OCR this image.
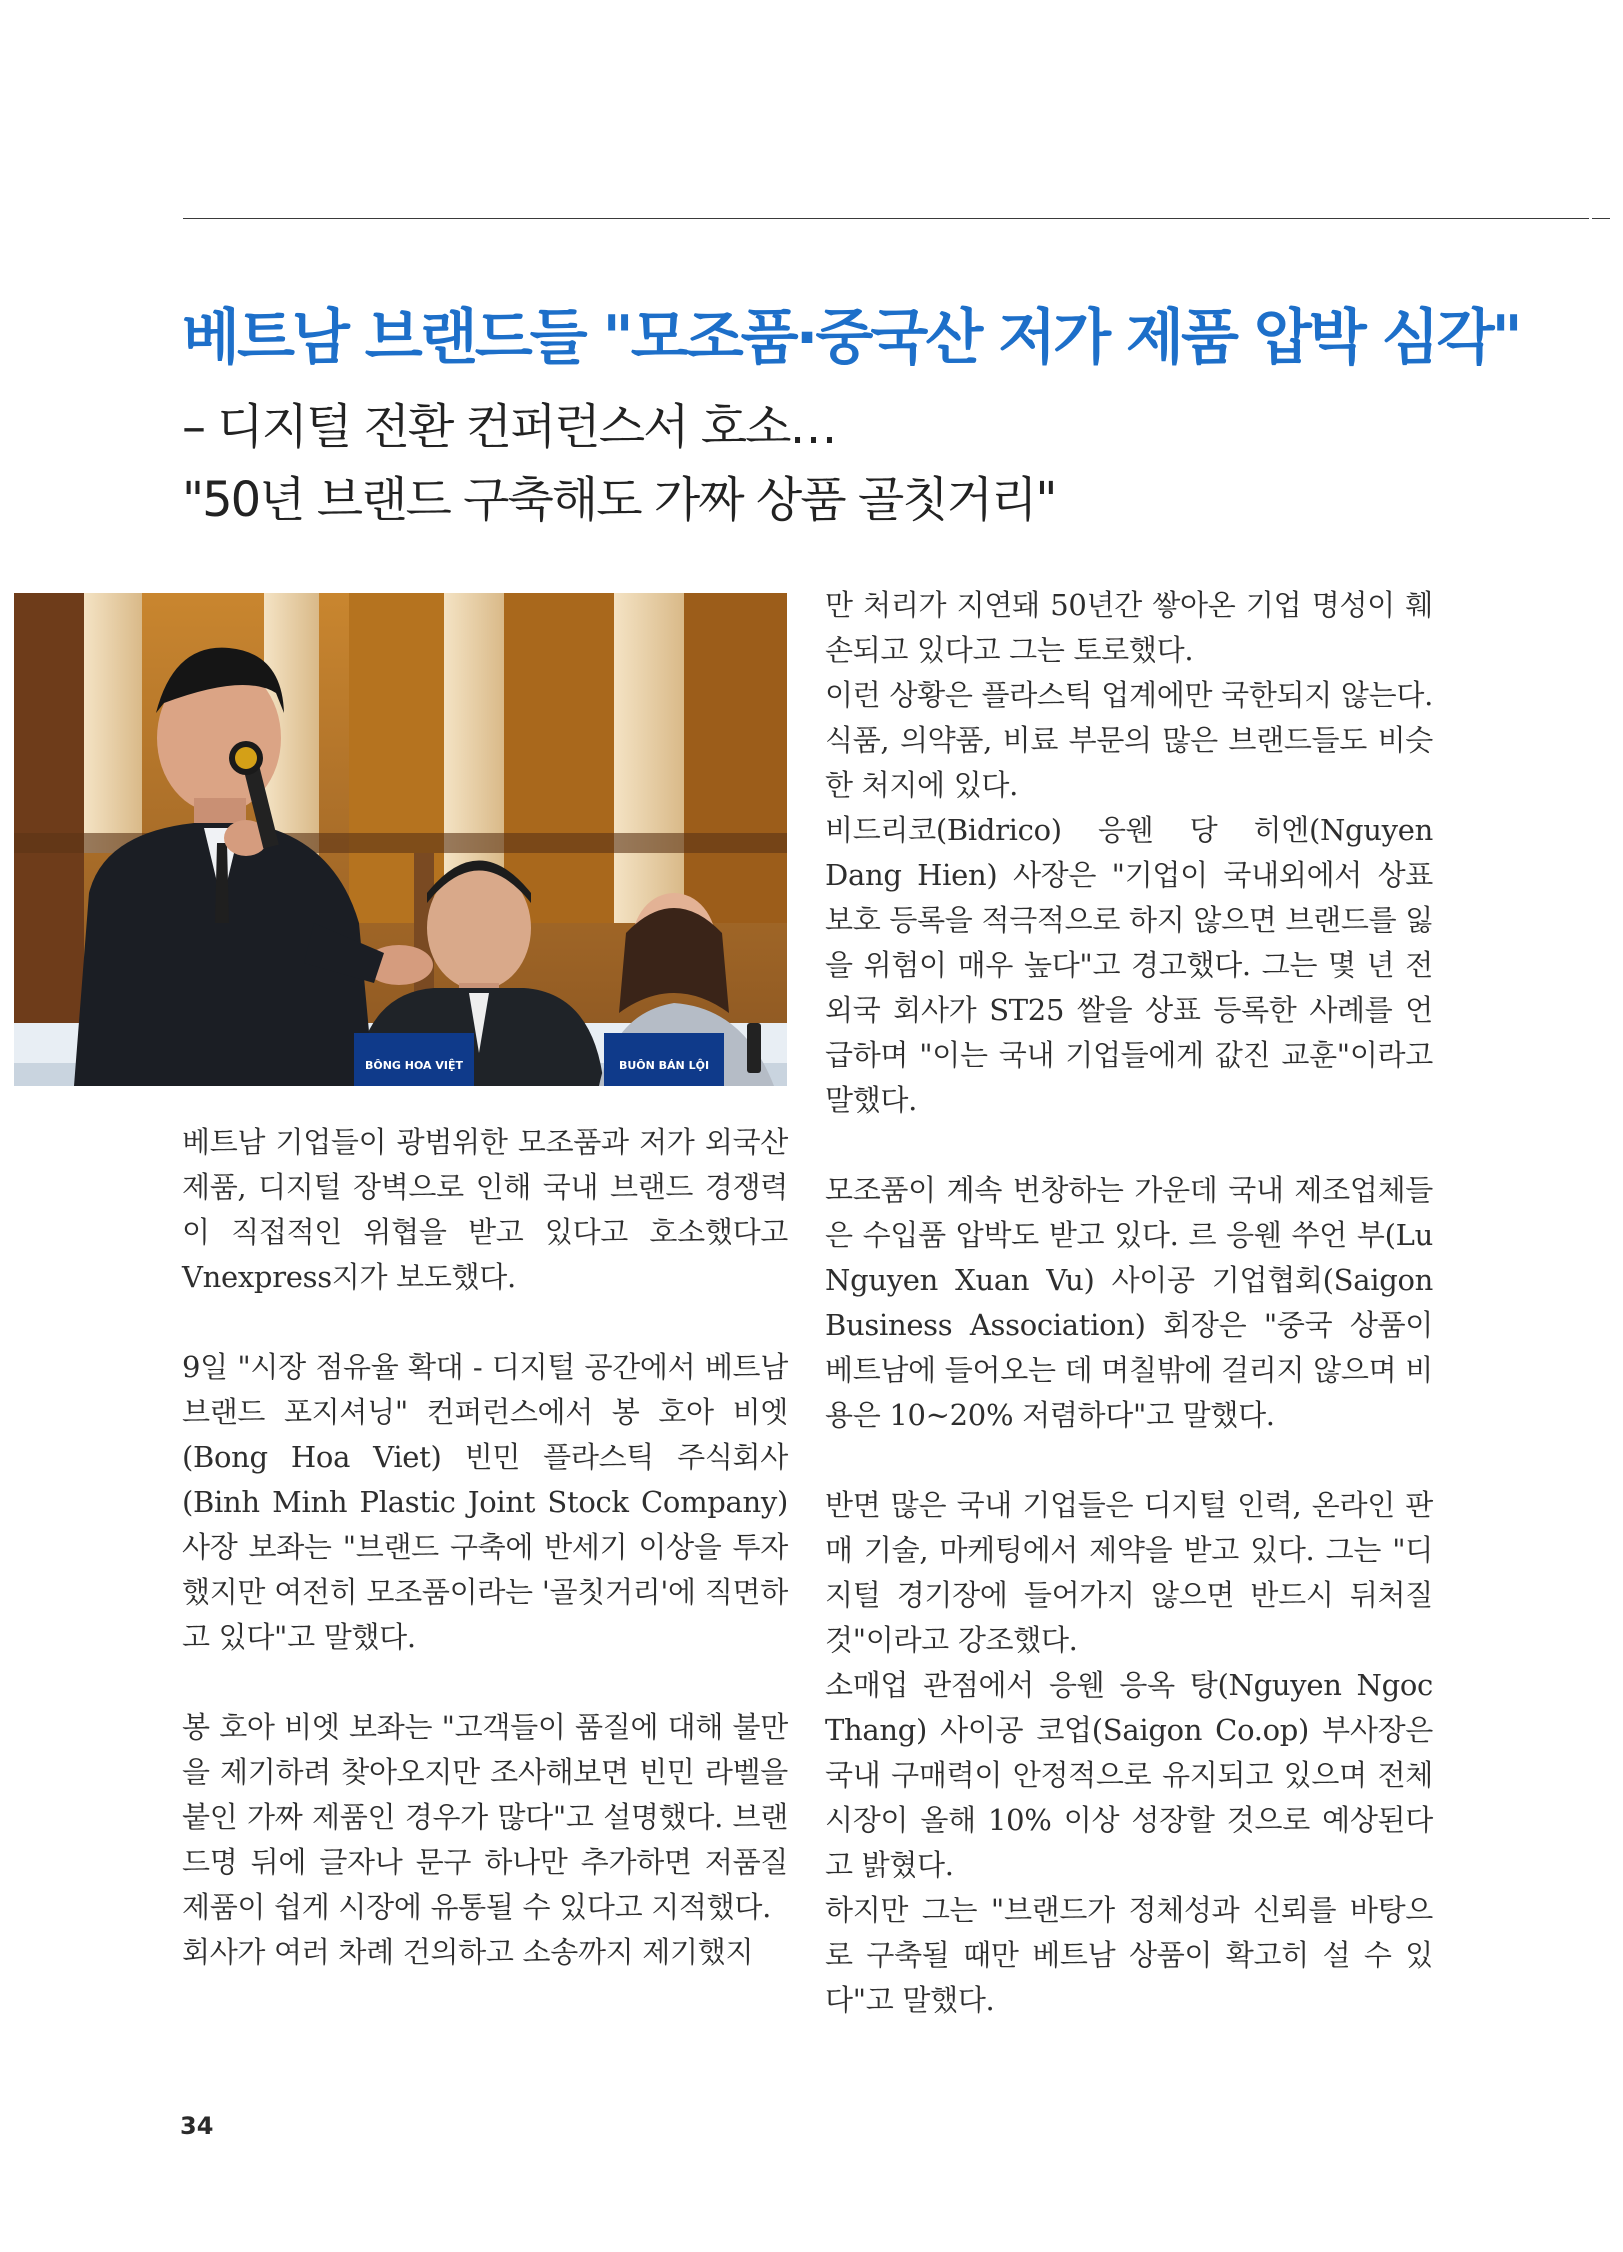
베트남 브랜드들 "모조품·중국산 저가 제품 압박 심각"
– 디지털 전환 컨퍼런스서 호소…
"50년 브랜드 구축해도 가짜 상품 골칫거리"
BÔNG HOA VIỆT	BUÔN BÁN LỘI

베트남 기업들이 광범위한 모조품과 저가 외국산 제품, 디지털 장벽으로 인해 국내 브랜드 경쟁력이 직접적인 위협을 받고 있다고 호소했다고 Vnexpress지가 보도했다.

9일 "시장 점유율 확대 - 디지털 공간에서 베트남 브랜드 포지셔닝" 컨퍼런스에서 봉 호아 비엣(Bong Hoa Viet) 빈민 플라스틱 주식회사(Binh Minh Plastic Joint Stock Company) 사장 보좌는 "브랜드 구축에 반세기 이상을 투자했지만 여전히 모조품이라는 '골칫거리'에 직면하고 있다"고 말했다.

봉 호아 비엣 보좌는 "고객들이 품질에 대해 불만을 제기하려 찾아오지만 조사해보면 빈민 라벨을 붙인 가짜 제품인 경우가 많다"고 설명했다. 브랜드명 뒤에 글자나 문구 하나만 추가하면 저품질 제품이 쉽게 시장에 유통될 수 있다고 지적했다.

회사가 여러 차례 건의하고 소송까지 제기했지

만 처리가 지연돼 50년간 쌓아온 기업 명성이 훼손되고 있다고 그는 토로했다.

이런 상황은 플라스틱 업계에만 국한되지 않는다. 식품, 의약품, 비료 부문의 많은 브랜드들도 비슷한 처지에 있다.

비드리코(Bidrico) 응웬 당 히엔(Nguyen Dang Hien) 사장은 "기업이 국내외에서 상표 보호 등록을 적극적으로 하지 않으면 브랜드를 잃을 위험이 매우 높다"고 경고했다. 그는 몇 년 전 외국 회사가 ST25 쌀을 상표 등록한 사례를 언급하며 "이는 국내 기업들에게 값진 교훈"이라고 말했다.

모조품이 계속 번창하는 가운데 국내 제조업체들은 수입품 압박도 받고 있다. 르 응웬 쑤언 부(Lu Nguyen Xuan Vu) 사이공 기업협회(Saigon Business Association) 회장은 "중국 상품이 베트남에 들어오는 데 며칠밖에 걸리지 않으며 비용은 10~20% 저렴하다"고 말했다.

반면 많은 국내 기업들은 디지털 인력, 온라인 판매 기술, 마케팅에서 제약을 받고 있다. 그는 "디지털 경기장에 들어가지 않으면 반드시 뒤처질 것"이라고 강조했다.

소매업 관점에서 응웬 응옥 탕(Nguyen Ngoc Thang) 사이공 코업(Saigon Co.op) 부사장은 국내 구매력이 안정적으로 유지되고 있으며 전체 시장이 올해 10% 이상 성장할 것으로 예상된다고 밝혔다.

하지만 그는 "브랜드가 정체성과 신뢰를 바탕으로 구축될 때만 베트남 상품이 확고히 설 수 있다"고 말했다.

34
